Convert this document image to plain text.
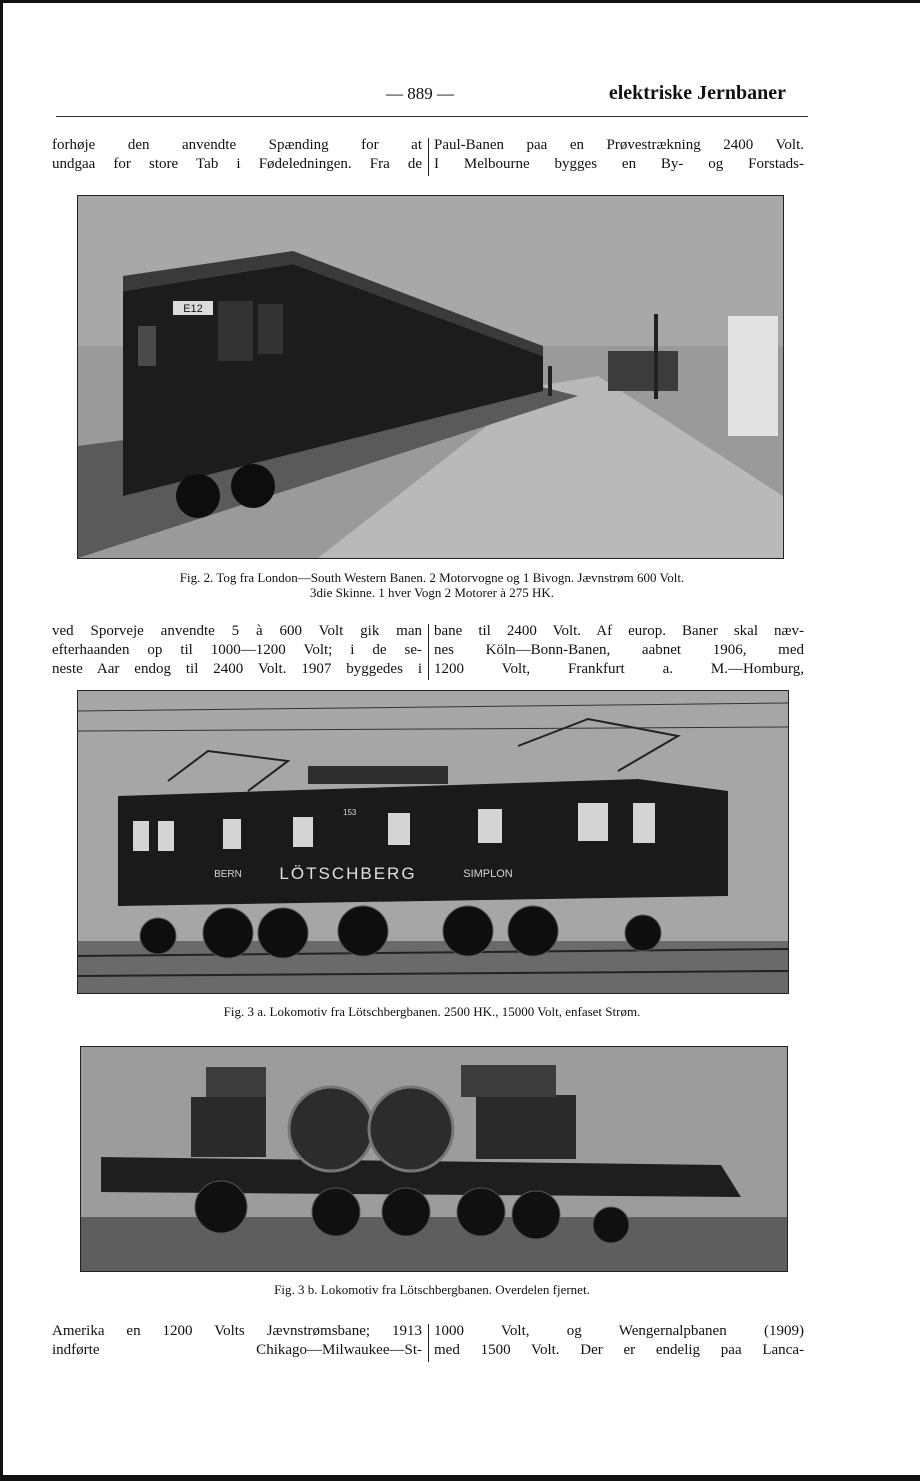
— 889 —	elektriske Jernbaner
forhøje den anvendte Spænding for at
undgaa for store Tab i Fødeledningen. Fra de
Paul-Banen paa en Prøvestrækning 2400 Volt.
I Melbourne bygges en By- og Forstads-
E12
Fig. 2. Tog fra London—South Western Banen. 2 Motorvogne og 1 Bivogn. Jævnstrøm 600 Volt.
3die Skinne. 1 hver Vogn 2 Motorer à 275 HK.
ved Sporveje anvendte 5 à 600 Volt gik man
efterhaanden op til 1000—1200 Volt; i de se-
neste Aar endog til 2400 Volt. 1907 byggedes i
bane til 2400 Volt. Af europ. Baner skal næv-
nes Köln—Bonn-Banen, aabnet 1906, med
1200 Volt, Frankfurt a. M.—Homburg,
153
BERN LÖTSCHBERG	SIMPLON
Fig. 3 a. Lokomotiv fra Lötschbergbanen. 2500 HK., 15000 Volt, enfaset Strøm.
Fig. 3 b. Lokomotiv fra Lötschbergbanen. Overdelen fjernet.
Amerika en 1200 Volts Jævnstrømsbane; 1913
indførte Chikago—Milwaukee—St-
1000 Volt, og Wengernalpbanen (1909)
med 1500 Volt. Der er endelig paa Lanca-
